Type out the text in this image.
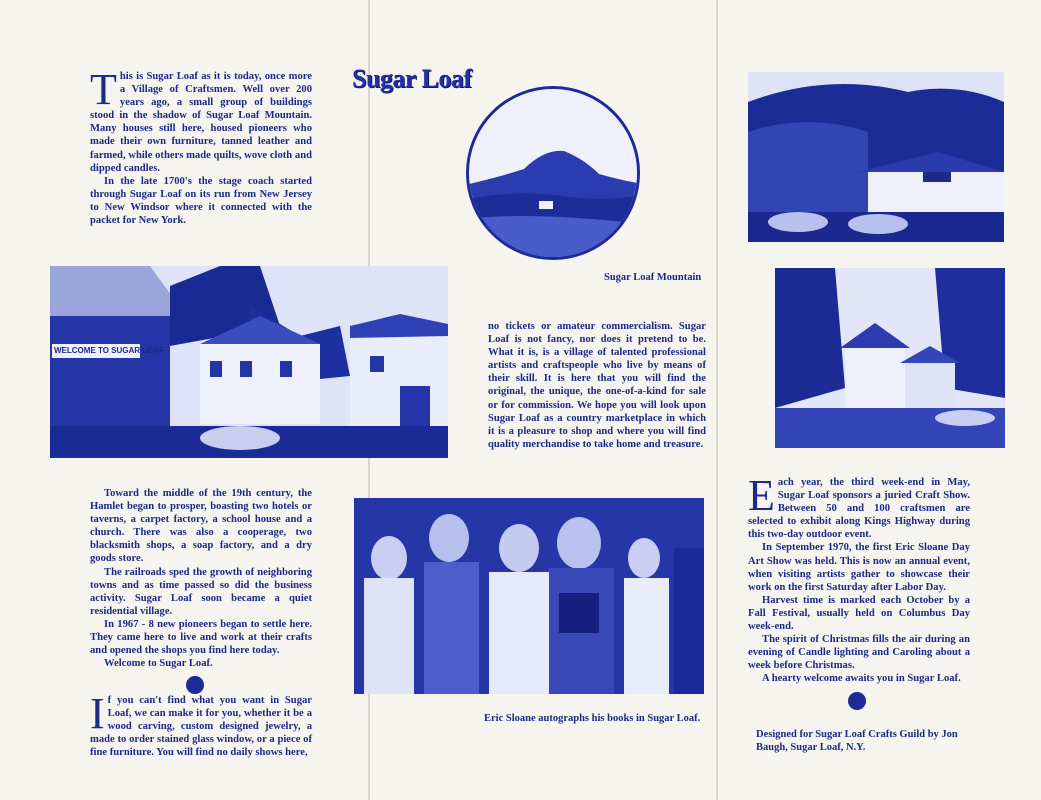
Sugar Loaf

This is Sugar Loaf as it is today, once more a Village of Craftsmen. Well over 200 years ago, a small group of buildings stood in the shadow of Sugar Loaf Mountain. Many houses still here, housed pioneers who made their own furniture, tanned leather and farmed, while others made quilts, wove cloth and dipped candles.

In the late 1700's the stage coach started through Sugar Loaf on its run from New Jersey to New Windsor where it connected with the packet for New York.

Sugar Loaf Mountain
WELCOME TO SUGAR LOAF

no tickets or amateur commercialism. Sugar Loaf is not fancy, nor does it pretend to be. What it is, is a village of talented professional artists and craftspeople who live by means of their skill. It is here that you will find the original, the unique, the one-of-a-kind for sale or for commission. We hope you will look upon Sugar Loaf as a country marketplace in which it is a pleasure to shop and where you will find quality merchandise to take home and treasure.

Toward the middle of the 19th century, the Hamlet began to prosper, boasting two hotels or taverns, a carpet factory, a school house and a church. There was also a cooperage, two blacksmith shops, a soap factory, and a dry goods store.

The railroads sped the growth of neighboring towns and as time passed so did the business activity. Sugar Loaf soon became a quiet residential village.

In 1967 - 8 new pioneers began to settle here. They came here to live and work at their crafts and opened the shops you find here today.

Welcome to Sugar Loaf.

If you can't find what you want in Sugar Loaf, we can make it for you, whether it be a wood carving, custom designed jewelry, a made to order stained glass window, or a piece of fine furniture. You will find no daily shows here,

Eric Sloane autographs his books in Sugar Loaf.

Each year, the third week-end in May, Sugar Loaf sponsors a juried Craft Show. Between 50 and 100 craftsmen are selected to exhibit along Kings Highway during this two-day outdoor event.

In September 1970, the first Eric Sloane Day Art Show was held. This is now an annual event, when visiting artists gather to showcase their work on the first Saturday after Labor Day.

Harvest time is marked each October by a Fall Festival, usually held on Columbus Day week-end.

The spirit of Christmas fills the air during an evening of Candle lighting and Caroling about a week before Christmas.

A hearty welcome awaits you in Sugar Loaf.

Designed for Sugar Loaf Crafts Guild by Jon Baugh, Sugar Loaf, N.Y.
